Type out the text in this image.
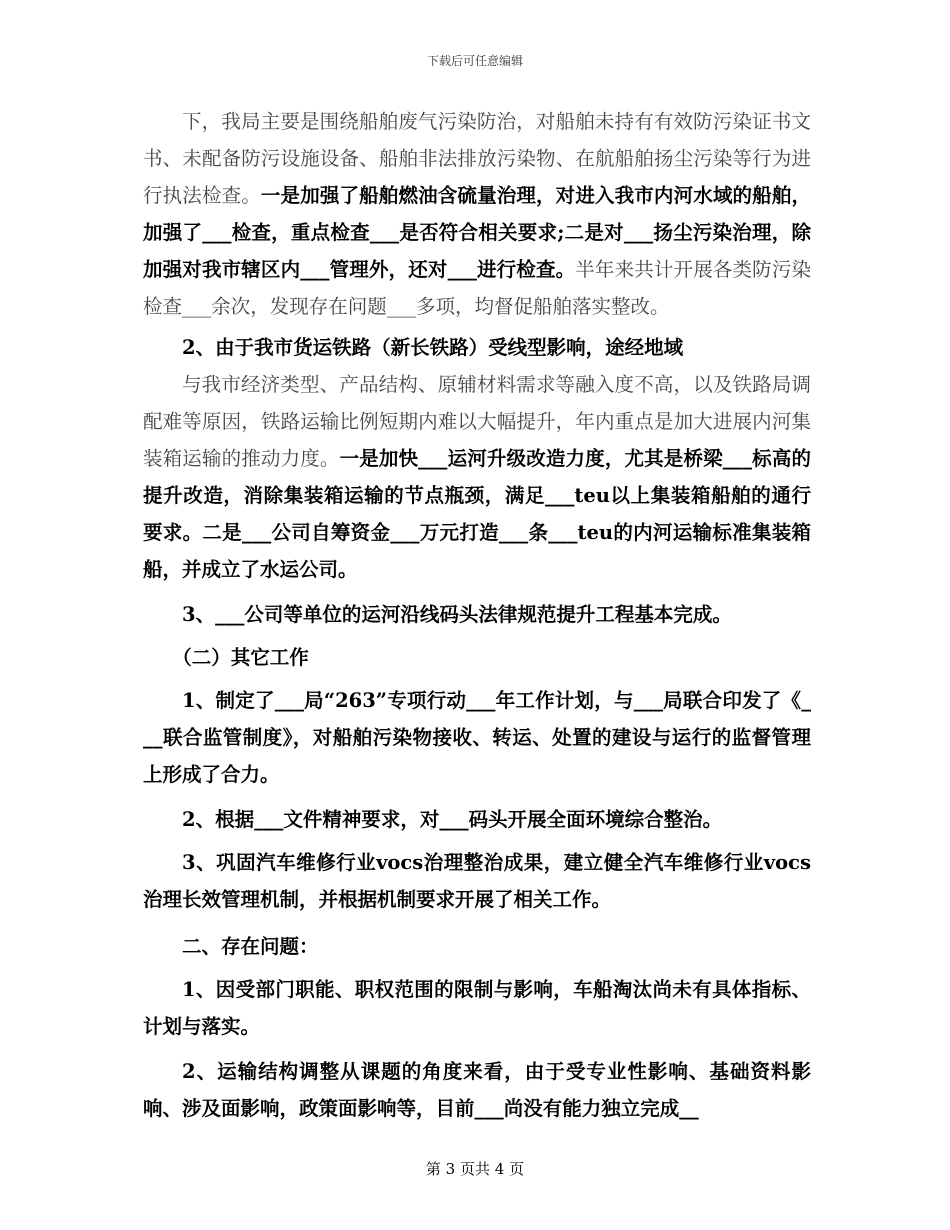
下载后可任意编辑

下，我局主要是围绕船舶废气污染防治，对船舶未持有有效防污染证书文书、未配备防污设施设备、船舶非法排放污染物、在航船舶扬尘污染等行为进行执法检查。一是加强了船舶燃油含硫量治理，对进入我市内河水域的船舶，加强了___检查，重点检查___是否符合相关要求;二是对___扬尘污染治理，除加强对我市辖区内___管理外，还对___进行检查。半年来共计开展各类防污染检查___余次，发现存在问题___多项，均督促船舶落实整改。

2、由于我市货运铁路（新长铁路）受线型影响，途经地域

与我市经济类型、产品结构、原辅材料需求等融入度不高，以及铁路局调配难等原因，铁路运输比例短期内难以大幅提升，年内重点是加大进展内河集装箱运输的推动力度。一是加快___运河升级改造力度，尤其是桥梁___标高的提升改造，消除集装箱运输的节点瓶颈，满足___teu以上集装箱船舶的通行要求。二是___公司自筹资金___万元打造___条___teu的内河运输标准集装箱船，并成立了水运公司。

3、___公司等单位的运河沿线码头法律规范提升工程基本完成。

（二）其它工作

1、制定了___局“263”专项行动___年工作计划，与___局联合印发了《___联合监管制度》，对船舶污染物接收、转运、处置的建设与运行的监督管理上形成了合力。

2、根据___文件精神要求，对___码头开展全面环境综合整治。

3、巩固汽车维修行业vocs治理整治成果，建立健全汽车维修行业vocs治理长效管理机制，并根据机制要求开展了相关工作。

二、存在问题：

1、因受部门职能、职权范围的限制与影响，车船淘汰尚未有具体指标、计划与落实。

2、运输结构调整从课题的角度来看，由于受专业性影响、基础资料影响、涉及面影响，政策面影响等，目前___尚没有能力独立完成__

第 3 页共 4 页
